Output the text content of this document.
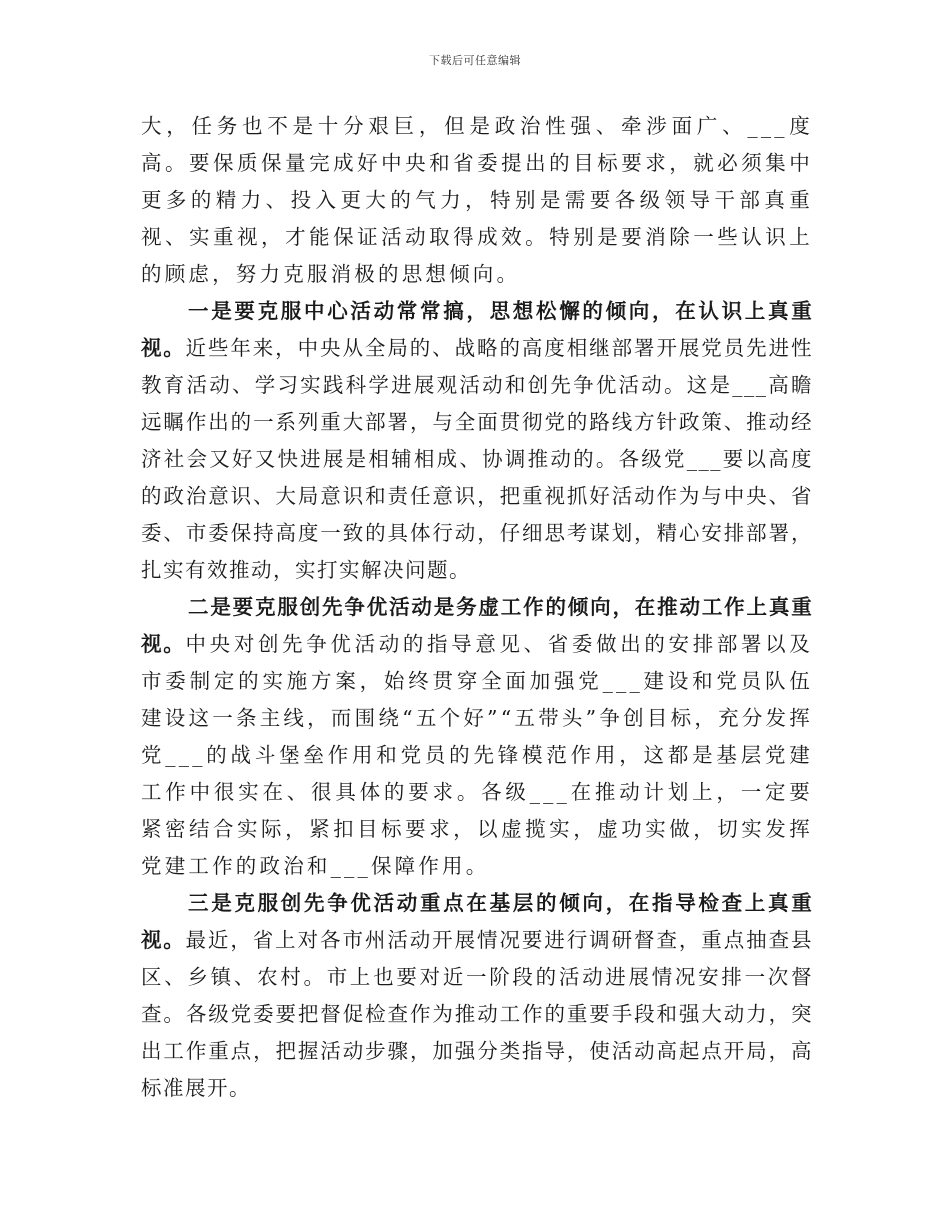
下载后可任意编辑

大，任务也不是十分艰巨，但是政治性强、牵涉面广、___度高。要保质保量完成好中央和省委提出的目标要求，就必须集中更多的精力、投入更大的气力，特别是需要各级领导干部真重视、实重视，才能保证活动取得成效。特别是要消除一些认识上的顾虑，努力克服消极的思想倾向。

一是要克服中心活动常常搞，思想松懈的倾向，在认识上真重视。近些年来，中央从全局的、战略的高度相继部署开展党员先进性教育活动、学习实践科学进展观活动和创先争优活动。这是___高瞻远瞩作出的一系列重大部署，与全面贯彻党的路线方针政策、推动经济社会又好又快进展是相辅相成、协调推动的。各级党___要以高度的政治意识、大局意识和责任意识，把重视抓好活动作为与中央、省委、市委保持高度一致的具体行动，仔细思考谋划，精心安排部署，扎实有效推动，实打实解决问题。

二是要克服创先争优活动是务虚工作的倾向，在推动工作上真重视。中央对创先争优活动的指导意见、省委做出的安排部署以及市委制定的实施方案，始终贯穿全面加强党___建设和党员队伍建设这一条主线，而围绕“五个好”“五带头”争创目标，充分发挥党___的战斗堡垒作用和党员的先锋模范作用，这都是基层党建工作中很实在、很具体的要求。各级___在推动计划上，一定要紧密结合实际，紧扣目标要求，以虚揽实，虚功实做，切实发挥党建工作的政治和___保障作用。

三是克服创先争优活动重点在基层的倾向，在指导检查上真重视。最近，省上对各市州活动开展情况要进行调研督查，重点抽查县区、乡镇、农村。市上也要对近一阶段的活动进展情况安排一次督查。各级党委要把督促检查作为推动工作的重要手段和强大动力，突出工作重点，把握活动步骤，加强分类指导，使活动高起点开局，高标准展开。
